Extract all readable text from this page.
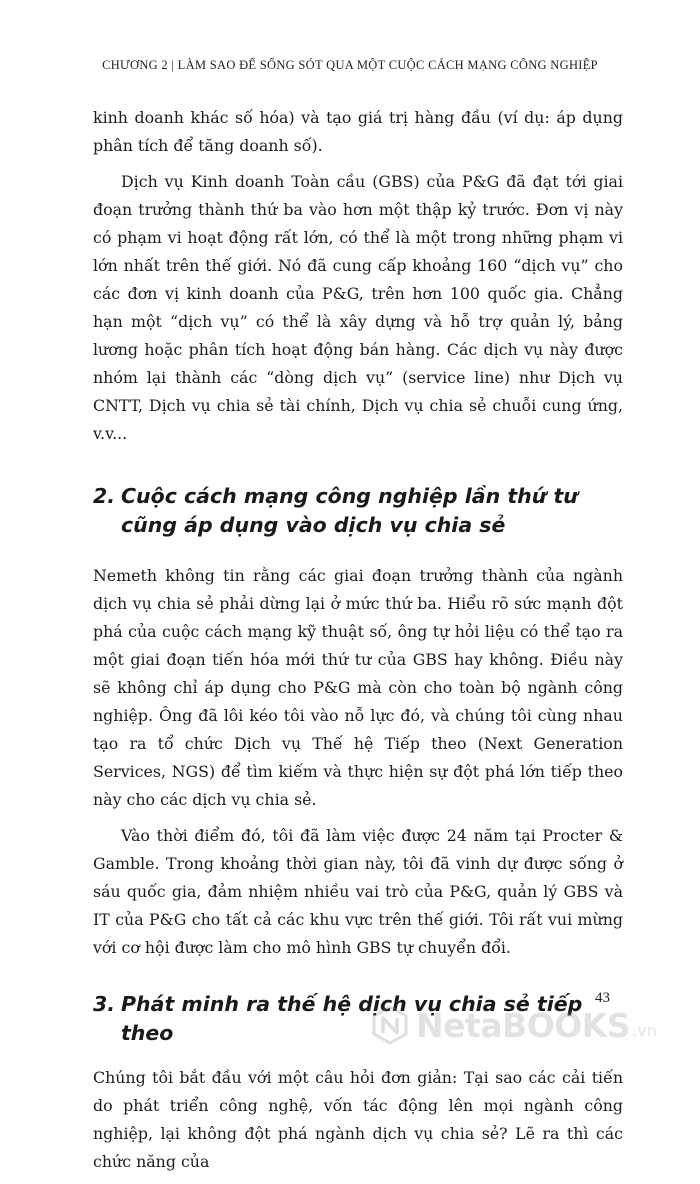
CHƯƠNG 2 | LÀM SAO ĐỂ SỐNG SÓT QUA MỘT CUỘC CÁCH MẠNG CÔNG NGHIỆP

kinh doanh khác số hóa) và tạo giá trị hàng đầu (ví dụ: áp dụng phân tích để tăng doanh số).

Dịch vụ Kinh doanh Toàn cầu (GBS) của P&G đã đạt tới giai đoạn trưởng thành thứ ba vào hơn một thập kỷ trước. Đơn vị này có phạm vi hoạt động rất lớn, có thể là một trong những phạm vi lớn nhất trên thế giới. Nó đã cung cấp khoảng 160 “dịch vụ” cho các đơn vị kinh doanh của P&G, trên hơn 100 quốc gia. Chẳng hạn một “dịch vụ” có thể là xây dựng và hỗ trợ quản lý, bảng lương hoặc phân tích hoạt động bán hàng. Các dịch vụ này được nhóm lại thành các “dòng dịch vụ” (service line) như Dịch vụ CNTT, Dịch vụ chia sẻ tài chính, Dịch vụ chia sẻ chuỗi cung ứng, v.v...

2. Cuộc cách mạng công nghiệp lần thứ tư
cũng áp dụng vào dịch vụ chia sẻ

Nemeth không tin rằng các giai đoạn trưởng thành của ngành dịch vụ chia sẻ phải dừng lại ở mức thứ ba. Hiểu rõ sức mạnh đột phá của cuộc cách mạng kỹ thuật số, ông tự hỏi liệu có thể tạo ra một giai đoạn tiến hóa mới thứ tư của GBS hay không. Điều này sẽ không chỉ áp dụng cho P&G mà còn cho toàn bộ ngành công nghiệp. Ông đã lôi kéo tôi vào nỗ lực đó, và chúng tôi cùng nhau tạo ra tổ chức Dịch vụ Thế hệ Tiếp theo (Next Generation Services, NGS) để tìm kiếm và thực hiện sự đột phá lớn tiếp theo này cho các dịch vụ chia sẻ.

Vào thời điểm đó, tôi đã làm việc được 24 năm tại Procter & Gamble. Trong khoảng thời gian này, tôi đã vinh dự được sống ở sáu quốc gia, đảm nhiệm nhiều vai trò của P&G, quản lý GBS và IT của P&G cho tất cả các khu vực trên thế giới. Tôi rất vui mừng với cơ hội được làm cho mô hình GBS tự chuyển đổi.

3. Phát minh ra thế hệ dịch vụ chia sẻ tiếp theo

Chúng tôi bắt đầu với một câu hỏi đơn giản: Tại sao các cải tiến do phát triển công nghệ, vốn tác động lên mọi ngành công nghiệp, lại không đột phá ngành dịch vụ chia sẻ? Lẽ ra thì các chức năng của

43
NetaBOOKS .vn
